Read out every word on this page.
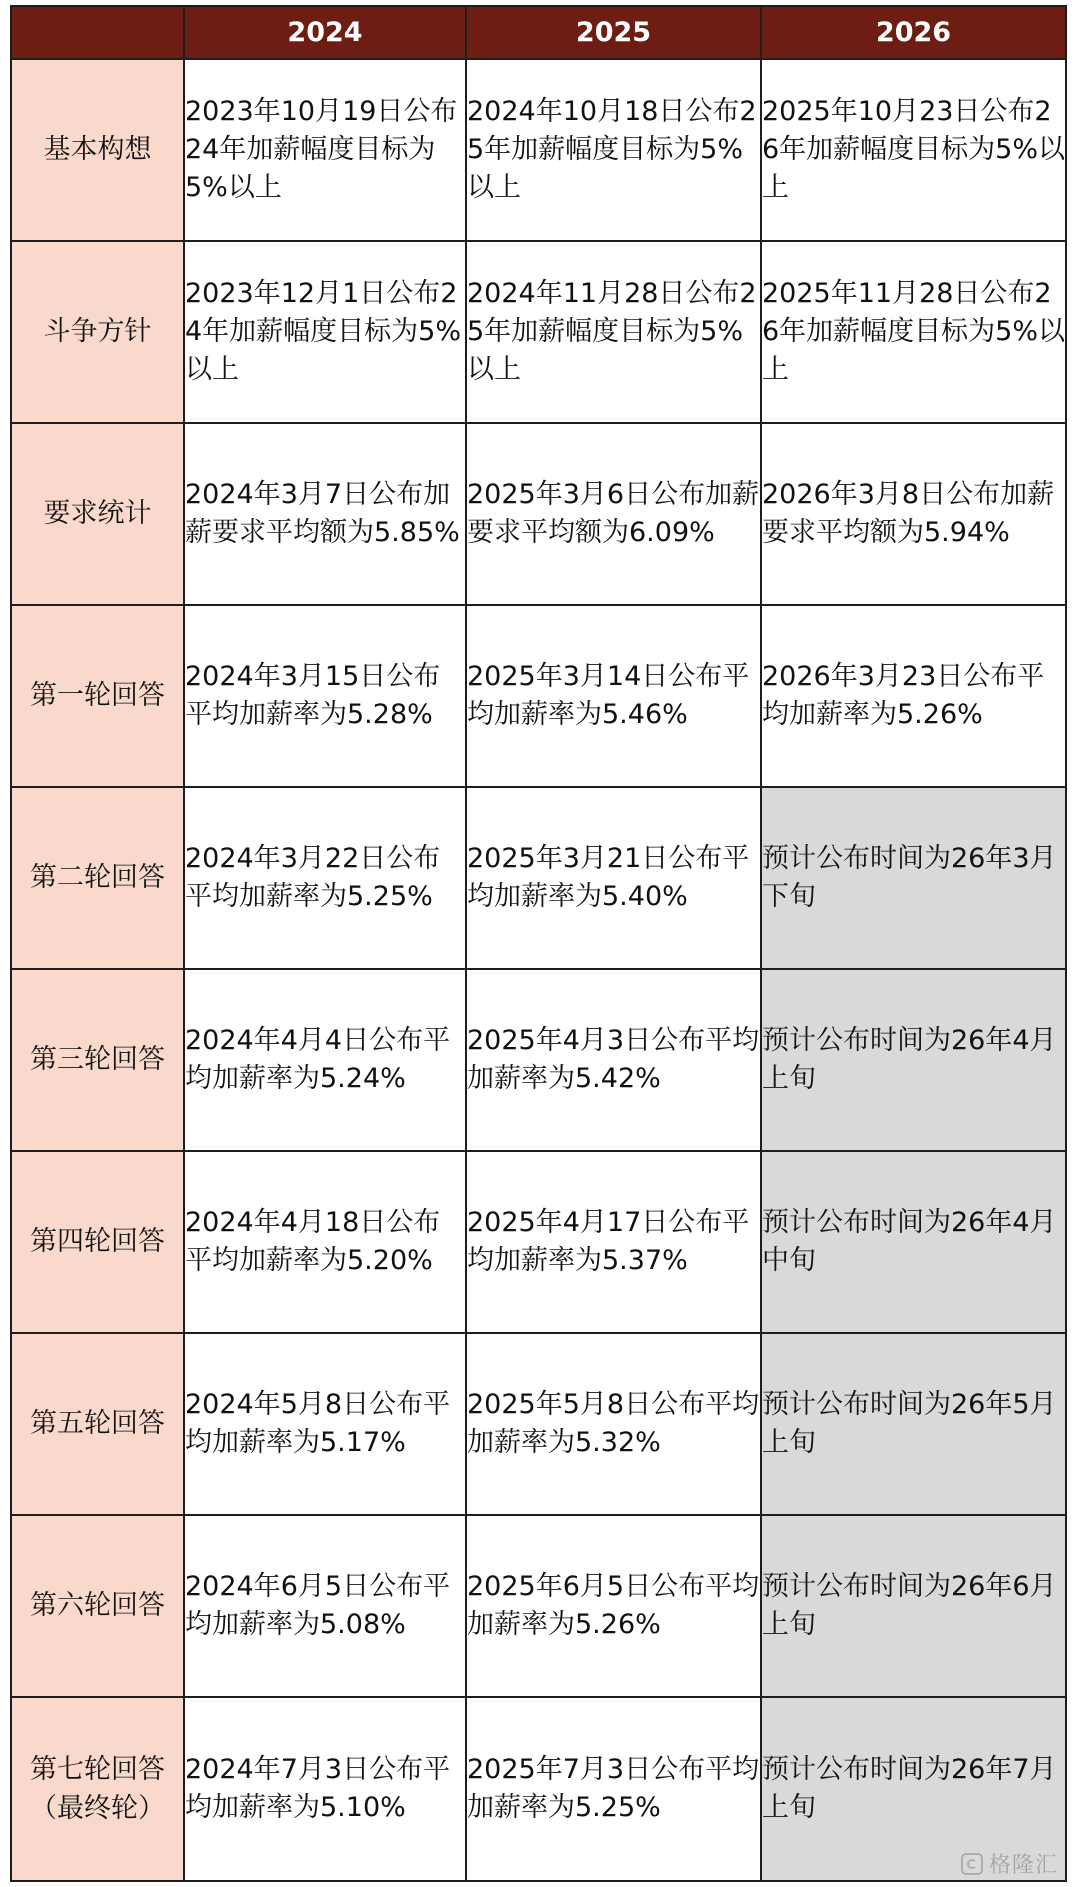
	2024	2025	2026
基本构想	2023年10月19日公布24年加薪幅度目标为5%以上	2024年10月18日公布25年加薪幅度目标为5%以上	2025年10月23日公布26年加薪幅度目标为5%以上
斗争方针	2023年12月1日公布24年加薪幅度目标为5%以上	2024年11月28日公布25年加薪幅度目标为5%以上	2025年11月28日公布26年加薪幅度目标为5%以上
要求统计	2024年3月7日公布加薪要求平均额为5.85%	2025年3月6日公布加薪要求平均额为6.09%	2026年3月8日公布加薪要求平均额为5.94%
第一轮回答	2024年3月15日公布平均加薪率为5.28%	2025年3月14日公布平均加薪率为5.46%	2026年3月23日公布平均加薪率为5.26%
第二轮回答	2024年3月22日公布平均加薪率为5.25%	2025年3月21日公布平均加薪率为5.40%	预计公布时间为26年3月下旬
第三轮回答	2024年4月4日公布平均加薪率为5.24%	2025年4月3日公布平均加薪率为5.42%	预计公布时间为26年4月上旬
第四轮回答	2024年4月18日公布平均加薪率为5.20%	2025年4月17日公布平均加薪率为5.37%	预计公布时间为26年4月中旬
第五轮回答	2024年5月8日公布平均加薪率为5.17%	2025年5月8日公布平均加薪率为5.32%	预计公布时间为26年5月上旬
第六轮回答	2024年6月5日公布平均加薪率为5.08%	2025年6月5日公布平均加薪率为5.26%	预计公布时间为26年6月上旬
第七轮回答（最终轮）	2024年7月3日公布平均加薪率为5.10%	2025年7月3日公布平均加薪率为5.25%	预计公布时间为26年7月上旬
格隆汇
